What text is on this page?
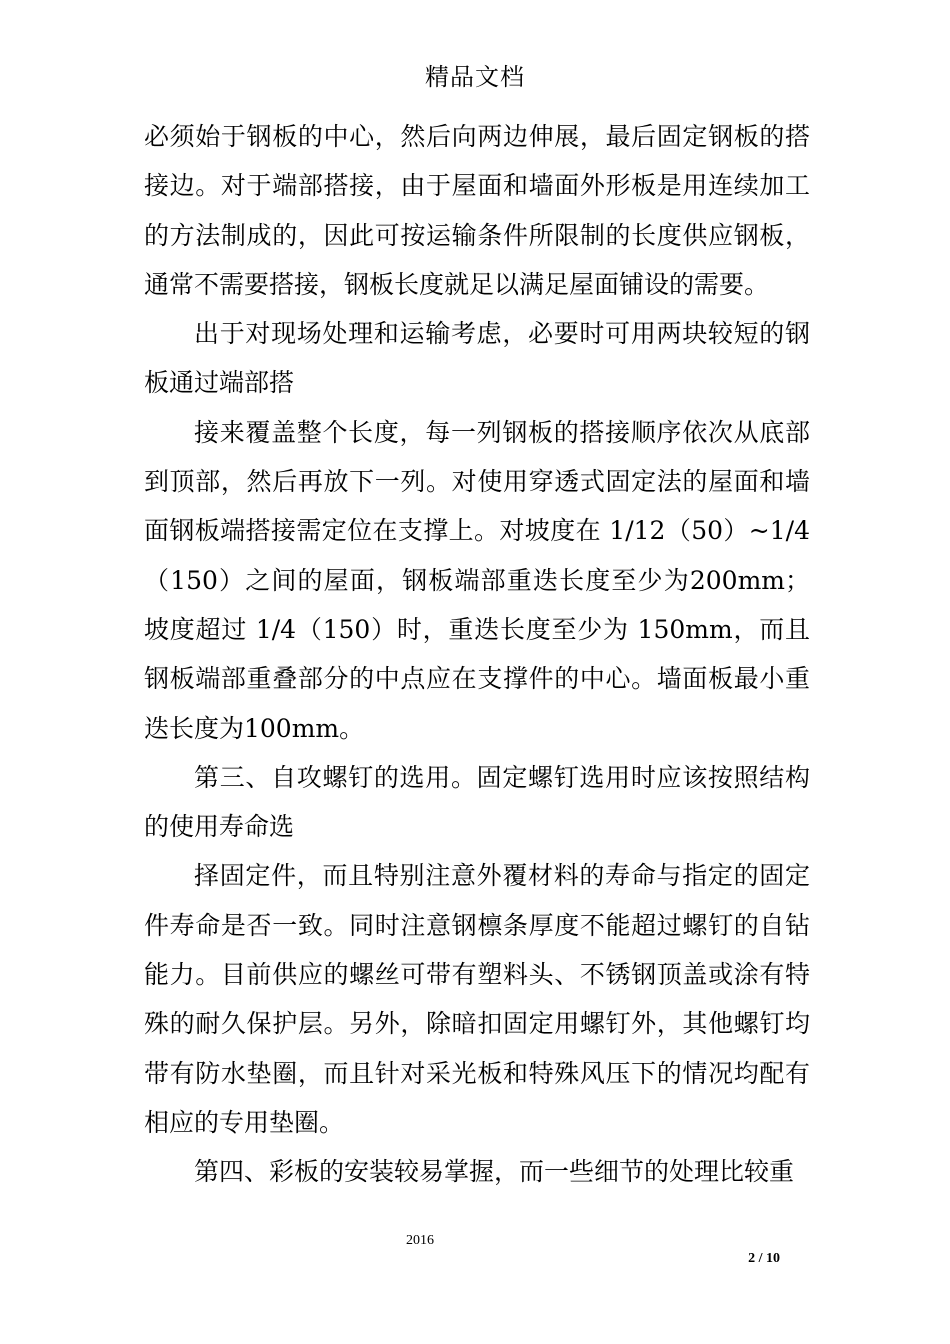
精品文档

必须始于钢板的中心，然后向两边伸展，最后固定钢板的搭接边。对于端部搭接，由于屋面和墙面外形板是用连续加工的方法制成的，因此可按运输条件所限制的长度供应钢板，通常不需要搭接，钢板长度就足以满足屋面铺设的需要。

出于对现场处理和运输考虑，必要时可用两块较短的钢板通过端部搭

接来覆盖整个长度，每一列钢板的搭接顺序依次从底部到顶部，然后再放下一列。对使用穿透式固定法的屋面和墙面钢板端搭接需定位在支撑上。对坡度在 1/12（50）~1/4（150）之间的屋面，钢板端部重迭长度至少为200mm；坡度超过 1/4（150）时，重迭长度至少为 150mm，而且钢板端部重叠部分的中点应在支撑件的中心。墙面板最小重迭长度为100mm。

第三、自攻螺钉的选用。固定螺钉选用时应该按照结构的使用寿命选

择固定件，而且特别注意外覆材料的寿命与指定的固定件寿命是否一致。同时注意钢檩条厚度不能超过螺钉的自钻能力。目前供应的螺丝可带有塑料头、不锈钢顶盖或涂有特殊的耐久保护层。另外，除暗扣固定用螺钉外，其他螺钉均带有防水垫圈，而且针对采光板和特殊风压下的情况均配有相应的专用垫圈。

第四、彩板的安装较易掌握，而一些细节的处理比较重

2016
2 / 10
